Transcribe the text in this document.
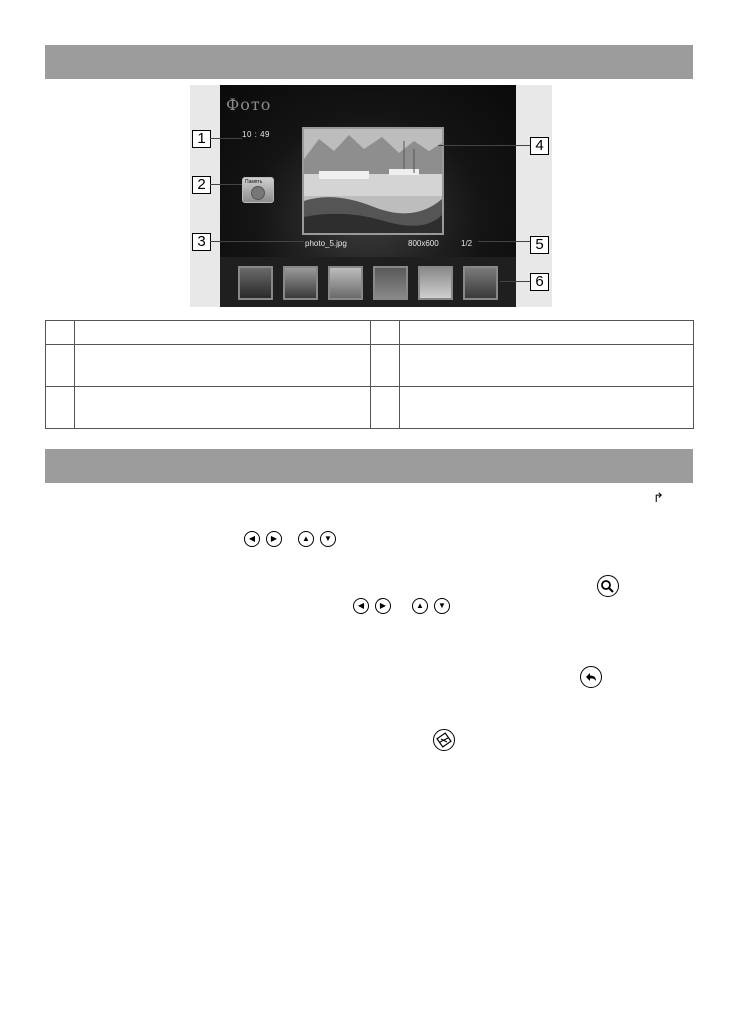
Фото
10 : 49
Память
photo_5.jpg	800x600	1/2
1
2
3
4
5
6

↱
◀	▶	▲	▼
◀	▶	▲	▼
